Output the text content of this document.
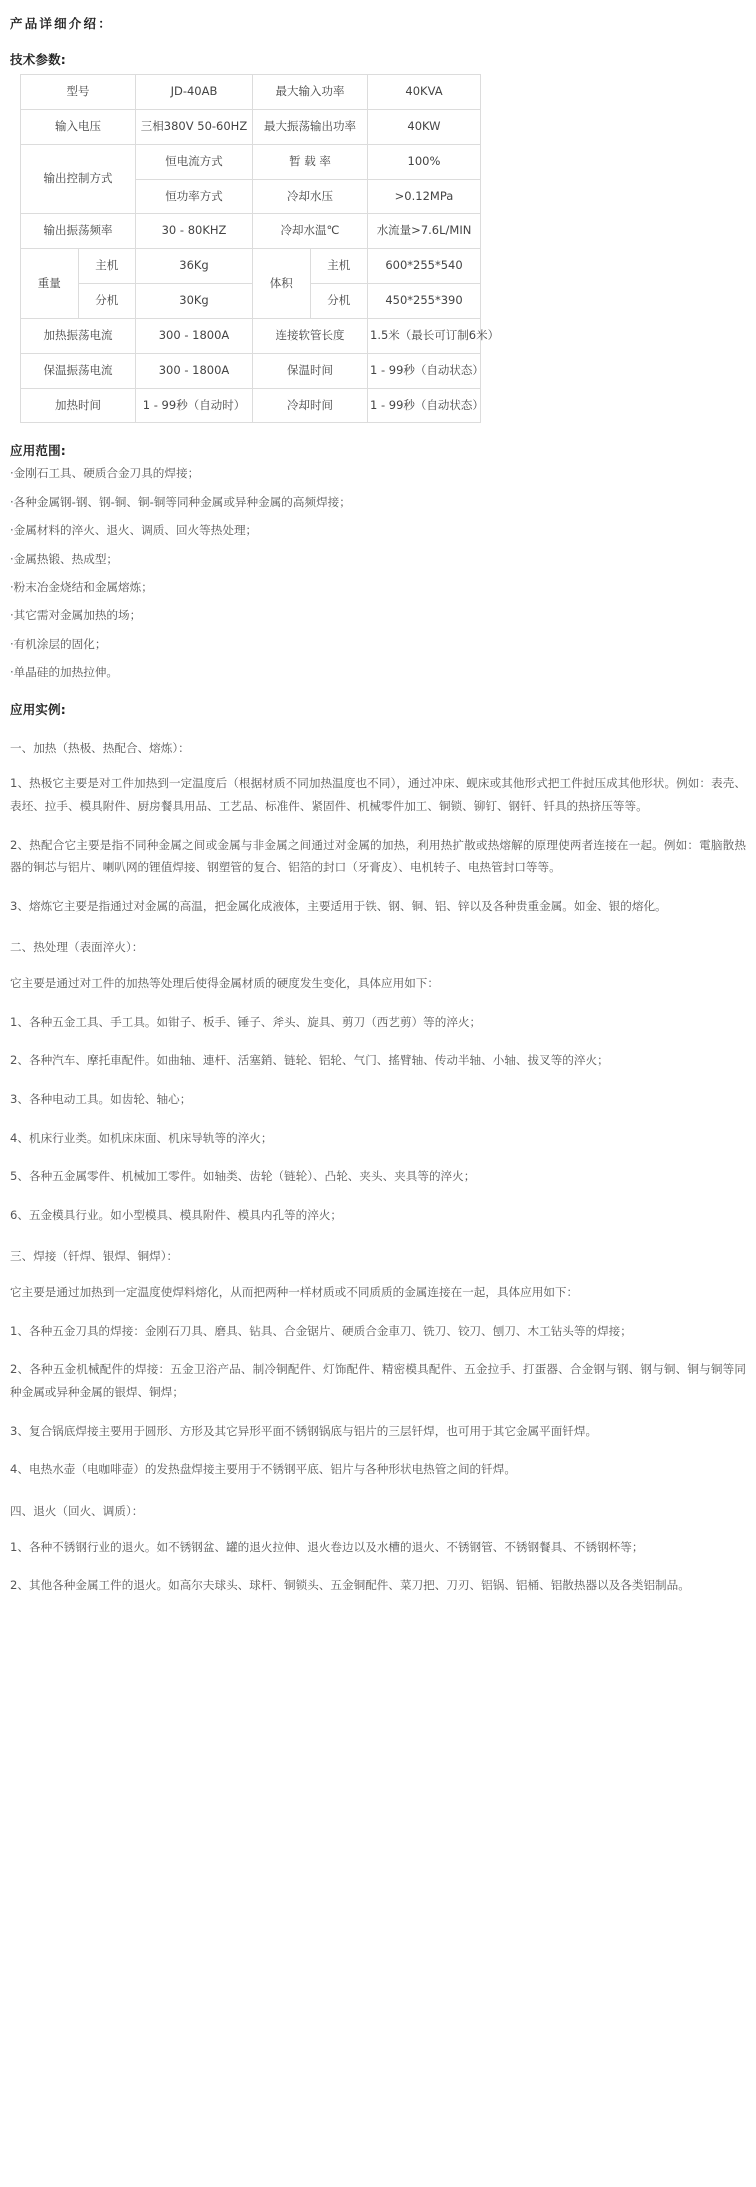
产品详细介绍：
技术参数:
型号		JD-40AB	最大输入功率		40KVA
输入电压		三相380V 50-60HZ	最大振荡输出功率		40KW
输出控制方式		恒电流方式	暂 载 率		100%
		恒功率方式	冷却水压		>0.12MPa
输出振荡频率		30 - 80KHZ	冷却水温℃		水流量>7.6L/MIN
重量	主机	36Kg	体积	主机	600*255*540
	分机	30Kg		分机	450*255*390
加热振荡电流		300 - 1800A	连接软管长度		1.5米（最长可订制6米）
保温振荡电流		300 - 1800A	保温时间		1 - 99秒（自动状态）
加热时间		1 - 99秒（自动时）	冷却时间		1 - 99秒（自动状态）
应用范围:
·金刚石工具、硬质合金刀具的焊接；
·各种金属钢-钢、钢-铜、铜-铜等同种金属或异种金属的高频焊接；
·金属材料的淬火、退火、调质、回火等热处理；
·金属热锻、热成型；
·粉末冶金烧结和金属熔炼；
·其它需对金属加热的场；
·有机涂层的固化；
·单晶硅的加热拉伸。
应用实例:
一、加热（热极、热配合、熔炼）：

1、热极它主要是对工件加热到一定温度后（根据材质不同加热温度也不同），通过冲床、蚬床或其他形式把工件挝压成其他形状。例如：表壳、表坯、拉手、模具附件、厨房餐具用品、工艺品、标准件、紧固件、机械零件加工、铜锁、铆钉、钢钎、钎具的热挤压等等。

2、热配合它主要是指不同种金属之间或金属与非金属之间通过对金属的加热，利用热扩散或热熔解的原理使两者连接在一起。例如：電脑散热器的铜芯与铝片、喇叭网的锂值焊接、钢塑管的复合、铝箔的封口（牙膏皮）、电机转子、电热管封口等等。

3、熔炼它主要是指通过对金属的高温，把金属化成液体，主要适用于铁、钢、铜、铝、锌以及各种贵重金属。如金、银的熔化。

二、热处理（表面淬火）：

它主要是通过对工件的加热等处理后使得金属材质的硬度发生变化，具体应用如下：

1、各种五金工具、手工具。如钳子、板手、锤子、斧头、旋具、剪刀（西艺剪）等的淬火；

2、各种汽车、摩托車配件。如曲轴、連杆、活塞銷、链轮、铝轮、气门、搖臂轴、传动半轴、小轴、拔叉等的淬火；

3、各种电动工具。如齿轮、轴心；

4、机床行业类。如机床床面、机床导轨等的淬火；

5、各种五金属零件、机械加工零件。如轴类、齿轮（链轮）、凸轮、夹头、夹具等的淬火；

6、五金模具行业。如小型模具、模具附件、模具内孔等的淬火；

三、焊接（钎焊、银焊、铜焊）：

它主要是通过加热到一定温度使焊料熔化，从而把两种一样材质或不同质质的金属连接在一起，具体应用如下：

1、各种五金刀具的焊接：金刚石刀具、磨具、钻具、合金锯片、硬质合金車刀、铣刀、铰刀、刨刀、木工钻头等的焊接；

2、各种五金机械配件的焊接：五金卫浴产品、制冷铜配件、灯饰配件、精密模具配件、五金拉手、打蛋器、合金钢与钢、钢与铜、铜与铜等同种金属或异种金属的银焊、铜焊；

3、复合锅底焊接主要用于圆形、方形及其它异形平面不锈钢锅底与铝片的三层钎焊，也可用于其它金属平面钎焊。

4、电热水壶（电咖啡壶）的发热盘焊接主要用于不锈钢平底、铝片与各种形状电热管之间的钎焊。

四、退火（回火、调质）：

1、各种不锈钢行业的退火。如不锈钢盆、罐的退火拉伸、退火卷边以及水槽的退火、不锈钢管、不锈钢餐具、不锈钢杯等；

2、其他各种金属工件的退火。如高尔夫球头、球杆、铜锁头、五金铜配件、菜刀把、刀刃、铝锅、铝桶、铝散热器以及各类铝制品。
